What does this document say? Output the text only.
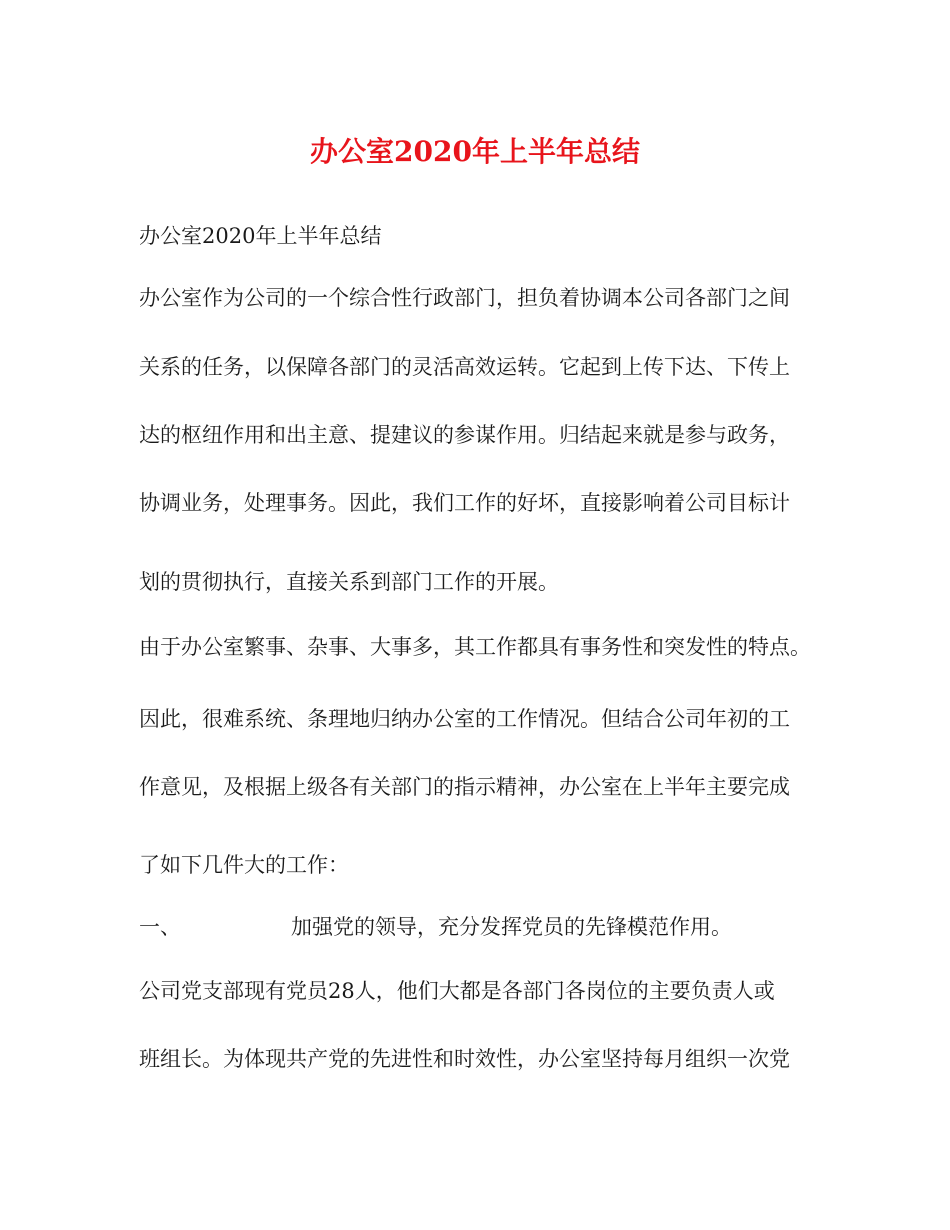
办公室2020年上半年总结
办公室2020年上半年总结
办公室作为公司的一个综合性行政部门，担负着协调本公司各部门之间
关系的任务，以保障各部门的灵活高效运转。它起到上传下达、下传上
达的枢纽作用和出主意、提建议的参谋作用。归结起来就是参与政务，
协调业务，处理事务。因此，我们工作的好坏，直接影响着公司目标计
划的贯彻执行，直接关系到部门工作的开展。
由于办公室繁事、杂事、大事多，其工作都具有事务性和突发性的特点。
因此，很难系统、条理地归纳办公室的工作情况。但结合公司年初的工
作意见，及根据上级各有关部门的指示精神，办公室在上半年主要完成
了如下几件大的工作：
一、	加强党的领导，充分发挥党员的先锋模范作用。
公司党支部现有党员28人，他们大都是各部门各岗位的主要负责人或
班组长。为体现共产党的先进性和时效性，办公室坚持每月组织一次党
